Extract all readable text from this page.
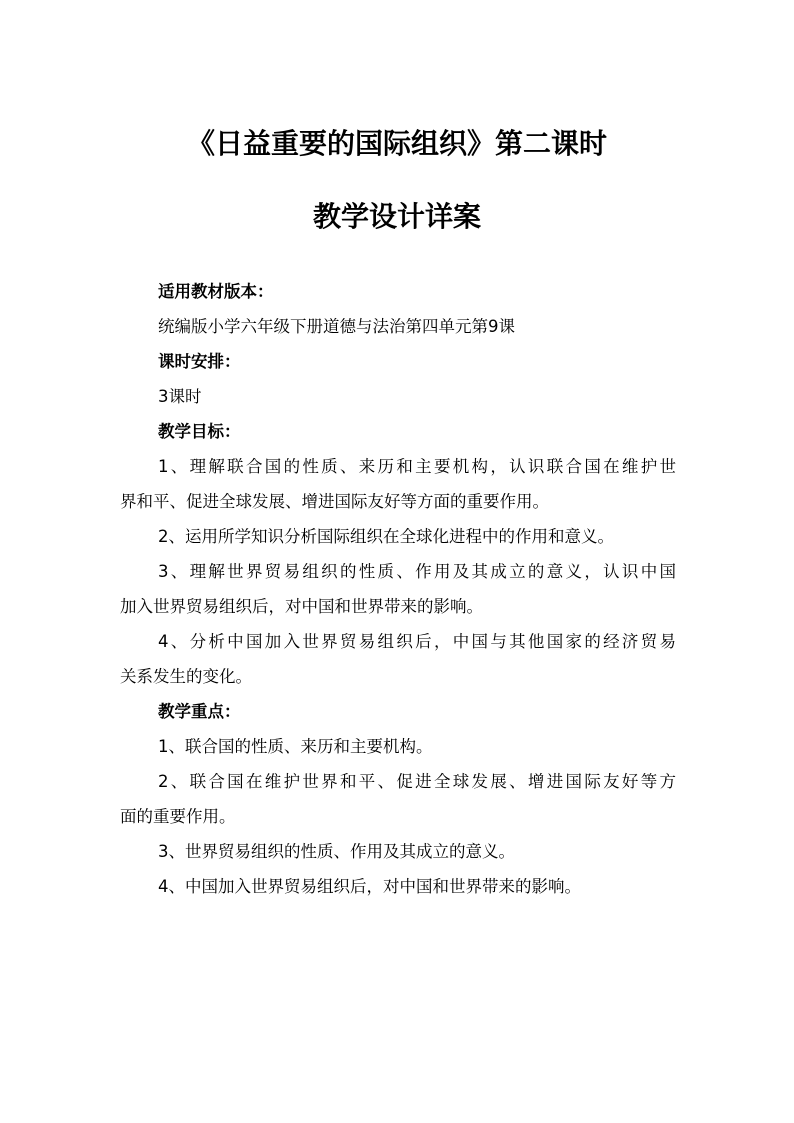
《日益重要的国际组织》第二课时
教学设计详案
适用教材版本：
统编版小学六年级下册道德与法治第四单元第9课
课时安排：
3课时
教学目标：
1、理解联合国的性质、来历和主要机构，认识联合国在维护世
界和平、促进全球发展、增进国际友好等方面的重要作用。
2、运用所学知识分析国际组织在全球化进程中的作用和意义。
3、理解世界贸易组织的性质、作用及其成立的意义，认识中国
加入世界贸易组织后，对中国和世界带来的影响。
4、分析中国加入世界贸易组织后，中国与其他国家的经济贸易
关系发生的变化。
教学重点：
1、联合国的性质、来历和主要机构。
2、联合国在维护世界和平、促进全球发展、增进国际友好等方
面的重要作用。
3、世界贸易组织的性质、作用及其成立的意义。
4、中国加入世界贸易组织后，对中国和世界带来的影响。
